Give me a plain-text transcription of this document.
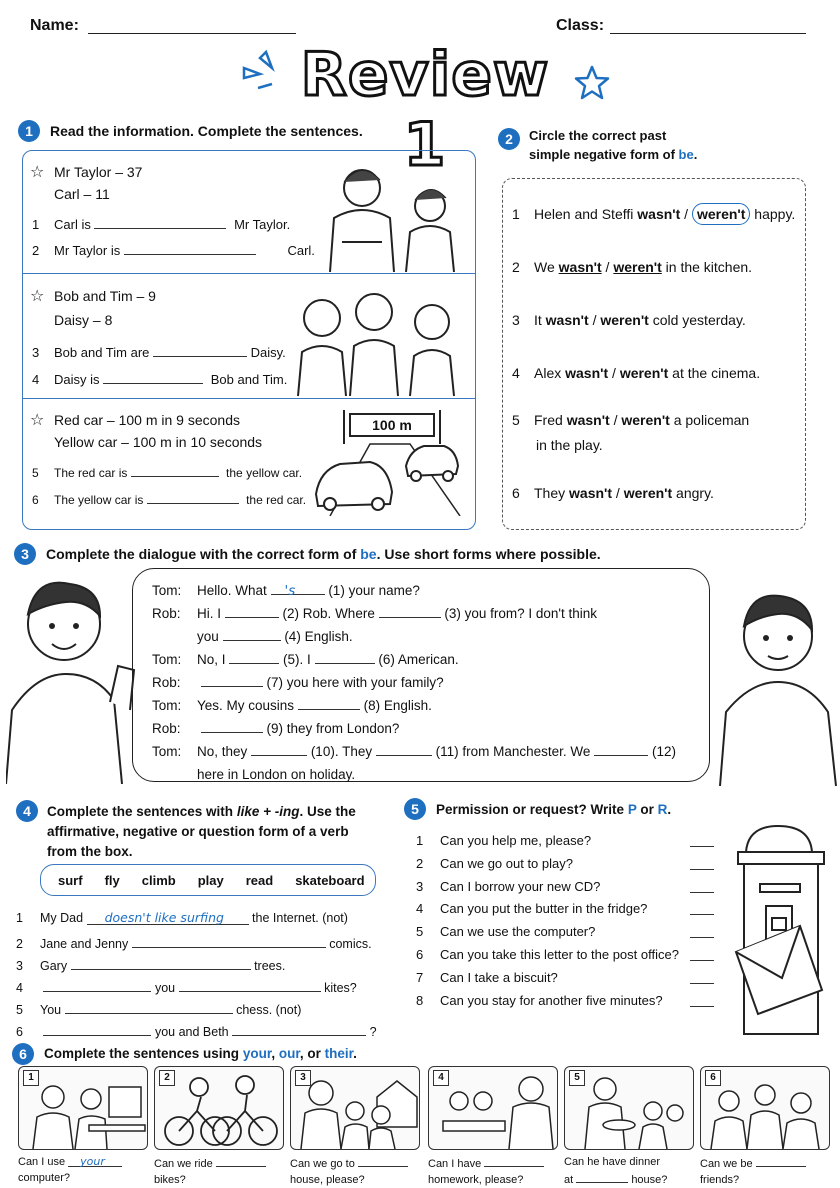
Name:	Class:
Review 1
1	Read the information. Complete the sentences.
☆ Mr Taylor – 37
Carl – 11
1 Carl is	Mr Taylor.
2 Mr Taylor is	Carl.
☆ Bob and Tim – 9
Daisy – 8
3 Bob and Tim are	Daisy.
4 Daisy is	Bob and Tim.
☆ Red car – 100 m in 9 seconds
Yellow car – 100 m in 10 seconds
5 The red car is	the yellow car.
6 The yellow car is	the red car.
100 m
2	Circle the correct past
simple negative form of be.
1 Helen and Steffi wasn't / weren't happy.
2 We wasn't / weren't in the kitchen.
3 It wasn't / weren't cold yesterday.
4 Alex wasn't / weren't at the cinema.
5 Fred wasn't / weren't a policeman
in the play.
6 They wasn't / weren't angry.
3	Complete the dialogue with the correct form of be. Use short forms where possible.
Tom: Hello. What 's (1) your name?
Rob: Hi. I	(2) Rob. Where	(3) you from? I don't think
you	(4) English.
Tom: No, I	(5). I	(6) American.
Rob:	(7) you here with your family?
Tom: Yes. My cousins	(8) English.
Rob:	(9) they from London?
Tom: No, they	(10). They	(11) from Manchester. We	(12)
here in London on holiday.
4	Complete the sentences with like + -ing. Use the
affirmative, negative or question form of a verb
from the box.
surf fly climb play read skateboard
1 My Dad doesn't like surfing the Internet. (not)
2 Jane and Jenny	comics.
3 Gary	trees.
4	you	kites?
5 You	chess. (not)
6	you and Beth	?
5	Permission or request? Write P or R.
1 Can you help me, please?
2 Can we go out to play?
3 Can I borrow your new CD?
4 Can you put the butter in the fridge?
5 Can we use the computer?
6 Can you take this letter to the post office?
7 Can I take a biscuit?
8 Can you stay for another five minutes?
6	Complete the sentences using your, our, or their.
1	2	3	4	5	6
Can I use your
computer?
Can we ride
bikes?
Can we go to
house, please?
Can I have
homework, please?
Can he have dinner
at	house?
Can we be
friends?
